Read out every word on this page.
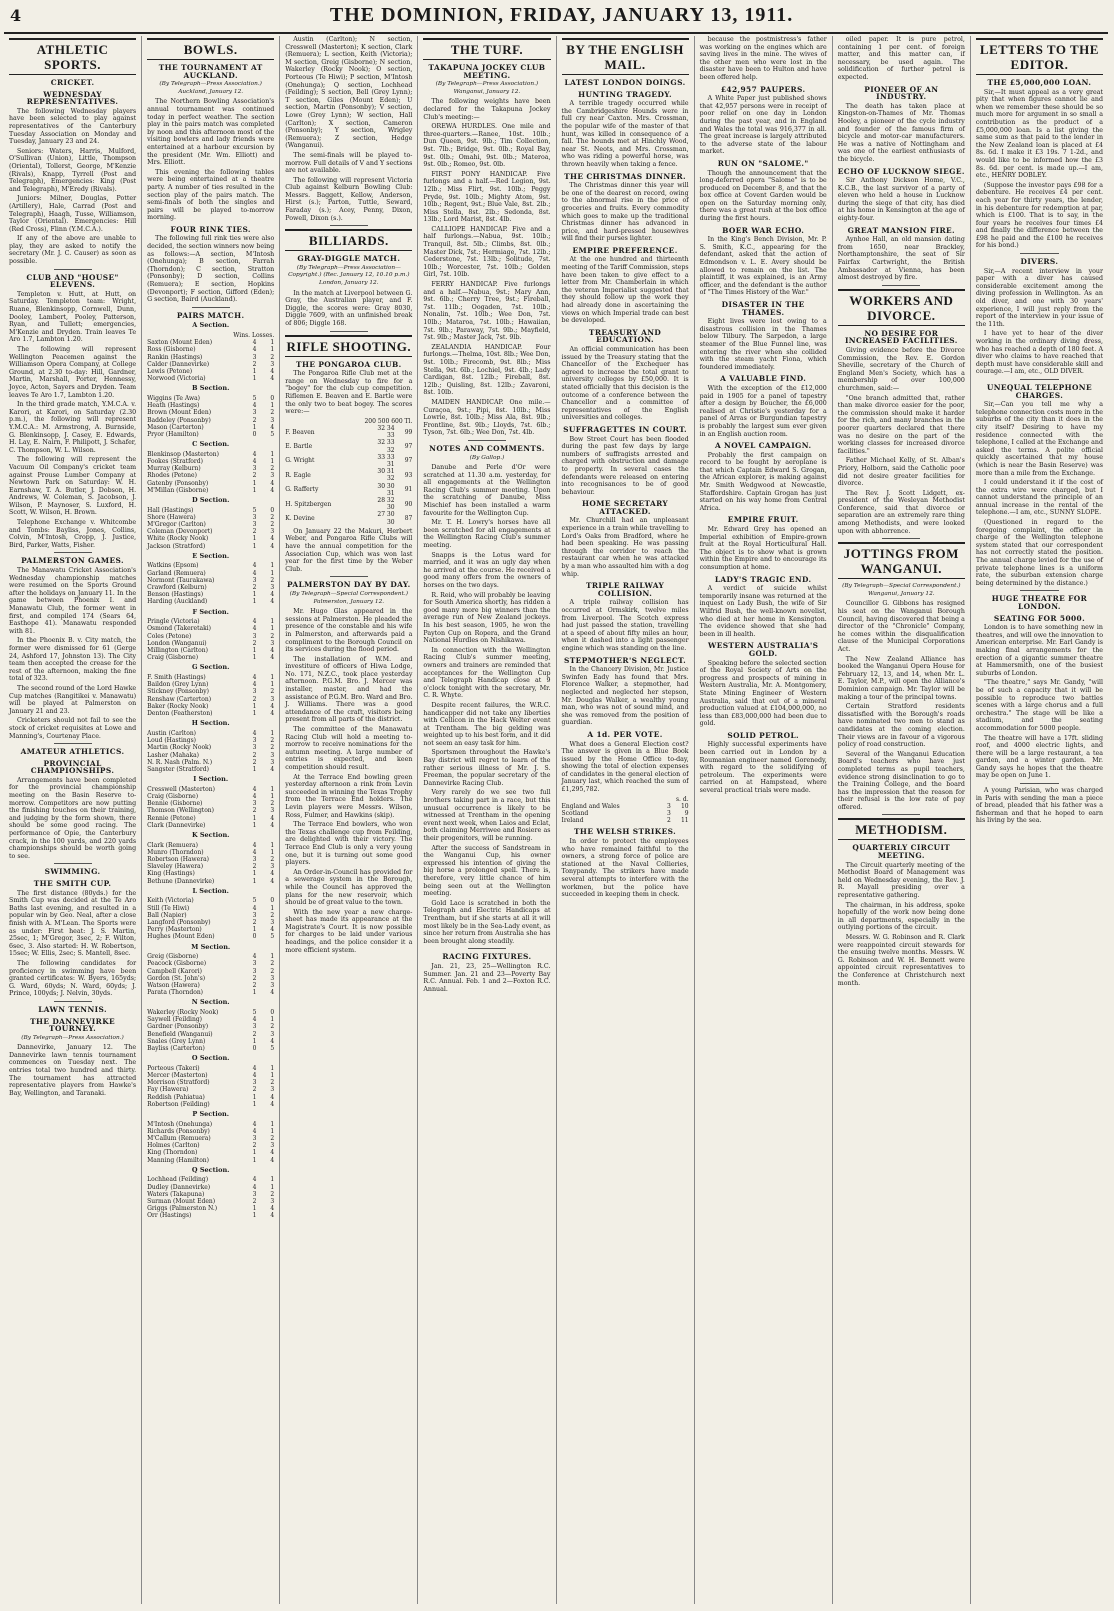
4	THE DOMINION, FRIDAY, JANUARY 13, 1911.
ATHLETIC SPORTS.
CRICKET.
WEDNESDAY REPRESENTATIVES.

The following Wednesday players have been selected to play against representatives of the Canterbury Tuesday Association on Monday and Tuesday, January 23 and 24.

Seniors: Waters, Harris, Mulford, O'Sullivan (Union), Little, Thompson (Oriental), Tollerst, George, M'Kenzie (Rivals), Knapp, Tyrrell (Post and Telegraph), Emergencies: King (Post and Telegraph), M'Eredy (Rivals).

Juniors: Milner, Douglas, Potter (Artillery), Hale, Carrad (Post and Telegraph), Haagh, Tusse, Williamson, Taylor (Oriental). Emergencies: Hill (Red Cross), Flinn (Y.M.C.A.).

If any of the above are unable to play, they are asked to notify the secretary (Mr. J. C. Causer) as soon as possible.

CLUB AND "HOUSE" ELEVENS.

Templeton v. Hutt, at Hutt, on Saturday. Templeton team: Wright, Ruane, Blenkinsopp, Cornwell, Dunn, Dooley, Lambert, Pooley, Patterson, Ryan, and Tullett; emergencies, M'Kenzie and Dryden. Train leaves Te Aro 1.7, Lambton 1.20.

The following will represent Wellington Peacemen against the Williamson Opera Company, at College Ground, at 2.30 to-day: Hill, Gardner, Martin, Marshall, Porter, Hennessy, Joyce, Acton, Sayers and Dryden. Team leaves Te Aro 1.7, Lambton 1.20.

In the third grade match, Y.M.C.A. v. Karori, at Karori, on Saturday (2.30 p.m.), the following will represent Y.M.C.A.: M. Armstrong, A. Burnside, G. Blenkinsopp, J. Casey, E. Edwards, H. Lay, E. Nairn, F. Philipott, J. Schafer, C. Thompson, W. L. Wilson.

The following will represent the Vacuum Oil Company's cricket team against Prouse Lumber Company at Newtown Park on Saturday: W. H. Earnshaw, T. A. Butler, J. Dobson, H. Andrews, W. Coleman, S. Jacobson, J. Wilson, P. Maynoser, S. Luxford, H. Scott, W. Wilson, H. Brown.

Telephone Exchange v. Whitcombe and Tombs: Bayliss, Jones, Collins, Colvin, M'Intosh, Cropp, J. Justice, Bird, Parker, Watts, Fisher.

PALMERSTON GAMES.

The Manawatu Cricket Association's Wednesday championship matches were resumed on the Sports Ground after the holidays on January 11. In the game between Phoenix I. and Manawatu Club, the former went in first, and compiled 174 (Sears 64, Easthope 41). Manawatu responded with 81.

In the Phoenix B. v. City match, the former were dismissed for 61 (Gerge 24, Ashford 17, Johnston 13). The City team then accepted the crease for the rest of the afternoon, making the fine total of 323.

The second round of the Lord Hawke Cup matches (Rangitikei v. Manawatu) will be played at Palmerston on January 21 and 23.

Cricketers should not fail to see the stock of cricket requisites at Lowe and Manning's, Courtenay Place.

AMATEUR ATHLETICS.
PROVINCIAL CHAMPIONSHIPS.

Arrangements have been completed for the provincial championship meeting on the Basin Reserve to-morrow. Competitors are now putting the finishing touches on their training, and judging by the form shown, there should be some good racing. The performance of Opie, the Canterbury crack, in the 100 yards, and 220 yards championships should be worth going to see.

SWIMMING.
THE SMITH CUP.

The first distance (80yds.) for the Smith Cup was decided at the Te Aro Baths last evening, and resulted in a popular win by Geo. Neal, after a close finish with A. M'Lean. The Sports were as under: First heat: J. S. Martin, 25sec, 1; M'Gregor, 3sec, 2; F. Wilton, 6sec, 3. Also started: H. W. Robertson, 15sec; W. Ellis, 2sec; S. Mantell, 8sec.

The following candidates for proficiency in swimming have been granted certificates: W. Byers, 165yds; G. Ward, 60yds; N. Ward, 60yds; J. Prince, 100yds; J. Nelvin, 30yds.

LAWN TENNIS.
THE DANNEVIRKE TOURNEY.
(By Telegraph—Press Association.)

Dannevirke, January 12. The Dannevirke lawn tennis tournament commences on Tuesday next. The entries total two hundred and thirty. The tournament has attracted representative players from Hawke's Bay, Wellington, and Taranaki.

BOWLS.
THE TOURNAMENT AT AUCKLAND.
(By Telegraph—Press Association.) Auckland, January 12.

The Northern Bowling Association's annual tournament was continued today in perfect weather. The section play in the pairs match was completed by noon and this afternoon most of the visiting bowlers and lady friends were entertained at a harbour excursion by the president (Mr. Wm. Elliott) and Mrs. Elliott.

This evening the following tables were being entertained at a theatre party. A number of ties resulted in the section play of the pairs match. The semi-finals of both the singles and pairs will be played to-morrow morning.

FOUR RINK TIES.

The following full rink ties were also decided, the section winners now being as follows:—A section, M'Intosh (Onehunga); B section, Farrah (Thorndon); C section, Stratton (Ponsonby); D section, Collins (Remuera); E section, Hopkins (Devonport); F section, Gifford (Eden); G section, Baird (Auckland).

PAIRS MATCH.
A Section.
Wins. Losses.		
Saxton (Mount Eden)	4	1
Ross (Gisborne)	4	1
Rankin (Hastings)	3	2
Calder (Dannevirke)	2	3
Lewis (Petone)	1	4
Norwood (Victoria)	1	4
B Section.
Wiggins (Te Awa)	5	0
Heath (Hastings)	4	1
Brown (Mount Eden)	3	2
Baddeley (Ponsonby)	2	3
Mason (Carterton)	1	4
Pryor (Hamilton)	0	5
C Section.
Blenkinsop (Masterton)	4	1
Fookes (Stratford)	4	1
Murray (Kelburn)	3	2
Rhodes (Petone)	2	3
Gatenby (Ponsonby)	1	4
M'Millan (Gisborne)	1	4
D Section.
Hall (Hastings)	5	0
Shore (Hawera)	3	2
M'Gregor (Carlton)	3	2
Coleman (Devonport)	2	3
White (Rocky Nook)	1	4
Jackson (Stratford)	1	4
E Section.
Watkins (Epsom)	4	1
Garland (Remuera)	4	1
Normont (Taurakawa)	3	2
Crawford (Kelburn)	2	3
Benson (Hastings)	1	4
Harding (Auckland)	1	4
F Section.
Pringle (Victoria)	4	1
Osmond (Takeretaki)	4	1
Coles (Petone)	3	2
London (Wanganui)	2	3
Millington (Carlton)	1	4
Craig (Gisborne)	1	4
G Section.
F. Smith (Hastings)	4	1
Baildon (Grey Lynn)	4	1
Stickney (Ponsonby)	3	2
Renshaw (Carterton)	2	3
Baker (Rocky Nook)	1	4
Denton (Featherston)	1	4
H Section.
Austin (Carlton)	4	1
Loud (Hastings)	3	2
Martin (Rocky Nook)	3	2
Lasher (Mahaka)	2	3
N. R. Nash (Palm. N.)	2	3
Sangster (Stratford)	1	4
I Section.
Cresswell (Masterton)	4	1
Craig (Gisborne)	4	1
Bennie (Gisborne)	3	2
Thomson (Wellington)	2	3
Rennie (Petone)	1	4
Clark (Dannevirke)	1	4
K Section.
Clark (Remuera)	4	1
Munro (Thorndon)	4	1
Robertson (Hawera)	3	2
Slaveley (Hawera)	2	3
King (Hastings)	1	4
Bethune (Dannevirke)	1	4
L Section.
Keith (Victoria)	5	0
Still (Te Hiwi)	4	1
Ball (Napier)	3	2
Langford (Ponsonby)	2	3
Perry (Masterton)	1	4
Hughes (Mount Eden)	0	5
M Section.
Greig (Gisborne)	4	1
Peacock (Gisborne)	3	2
Campbell (Karori)	3	2
Gordon (St. John's)	2	3
Watson (Hawera)	2	3
Parata (Thorndon)	1	4
N Section.
Wakerley (Rocky Nook)	5	0
Saywell (Feilding)	4	1
Gardner (Ponsonby)	3	2
Benefield (Wanganui)	2	3
Snales (Grey Lynn)	1	4
Bayliss (Carterton)	0	5
O Section.
Porteous (Takeri)	4	1
Mercer (Masterton)	4	1
Morrison (Stratford)	3	2
Fay (Hawera)	2	3
Reddish (Pahiatua)	1	4
Robertson (Feilding)	1	4
P Section.
M'Intosh (Onehunga)	4	1
Richards (Ponsonby)	4	1
M'Callum (Remuera)	3	2
Holmes (Carlton)	2	3
King (Thorndon)	1	4
Manning (Hamilton)	1	4
Q Section.
Lochhead (Feilding)	4	1
Dudley (Dannevirke)	4	1
Waters (Takapuna)	3	2
Surman (Mount Eden)	2	3
Griggs (Palmerston N.)	1	4
Orr (Hastings)	1	4

Austin (Carlton); N section, Cresswell (Masterton); K section, Clark (Remuera); L section, Keith (Victoria); M section, Greig (Gisborne); N section, Wakerley (Rocky Nook); O section, Porteous (Te Hiwi); P section, M'Intosh (Onehunga); Q section, Lochhead (Feilding); S section, Bell (Grey Lynn); T section, Giles (Mount Eden); U section, Martin (Ponsonby); V section, Lowe (Grey Lynn); W section, Hall (Carlton); X section, Cameron (Ponsonby); Y section, Wrigley (Remuera); Z section, Hedge (Wanganui).

The semi-finals will be played to-morrow. Full details of V and Y sections are not available.

The following will represent Victoria Club against Kelburn Bowling Club: Messrs. Baggett, Kellow, Anderson, Hirst (s.); Parton, Tuttle, Seward, Faraday (s.); Acey, Penny, Dixon, Powell, Dixon (s.).

BILLIARDS.
GRAY-DIGGLE MATCH.
(By Telegraph—Press Association—Copyright.) (Rec. January 12, 10.10 p.m.) London, January 12.

In the match at Liverpool between G. Gray, the Australian player, and F. Diggle, the scores were: Gray 8030, Diggle 7609, with an unfinished break of 806; Diggle 168.

RIFLE SHOOTING.
THE PONGAROA CLUB.

The Pongaroa Rifle Club met at the range on Wednesday to fire for a "bogey" for the club cup competition. Riflemen E. Beaven and E. Bartle were the only two to beat bogey. The scores were:—

200 500 600 Tl.		
F. Beaven	32 34 33	99
E. Bartle	32 33 32	97
G. Wright	33 33 31	97
R. Eagle	30 31 32	93
G. Rafferty	30 30 31	91
H. Spitzbergen	28 32 30	90
K. Devine	27 30 30	87

On January 22 the Makuri, Herbert Weber, and Pongaroa Rifle Clubs will have the annual competition for the Association Cup, which was won last year for the first time by the Weber Club.

PALMERSTON DAY BY DAY.
(By Telegraph—Special Correspondent.) Palmerston, January 12.

Mr. Hugo Glas appeared in the sessions at Palmerston. He pleaded the presence of the constable and his wife in Palmerston, and afterwards paid a compliment to the Borough Council on its services during the flood period.

The installation of W.M. and investiture of officers of Hiwa Lodge, No. 171, N.Z.C., took place yesterday afternoon. P.G.M. Bro. J. Mercer was installer, master, and had the assistance of P.G.M. Bro. Ward and Bro. J. Williams. There was a good attendance of the craft, visitors being present from all parts of the district.

The committee of the Manawatu Racing Club will hold a meeting to-morrow to receive nominations for the autumn meeting. A large number of entries is expected, and keen competition should result.

At the Terrace End bowling green yesterday afternoon a rink from Levin succeeded in winning the Texas Trophy from the Terrace End holders. The Levin players were Messrs. Wilson, Ross, Fulmer, and Hawkins (skip).

The Terrace End bowlers, who won the Texas challenge cup from Feilding, are delighted with their victory. The Terrace End Club is only a very young one, but it is turning out some good players.

An Order-in-Council has provided for a sewerage system in the Borough, while the Council has approved the plans for the new reservoir, which should be of great value to the town.

With the new year a new charge-sheet has made its appearance at the Magistrate's Court. It is now possible for charges to be laid under various headings, and the police consider it a more efficient system.

THE TURF.
TAKAPUNA JOCKEY CLUB MEETING.
(By Telegraph—Press Association.) Wanganui, January 12.

The following weights have been declared for the Takapuna Jockey Club's meeting:—

OREWA HURDLES. One mile and three-quarters.—Ranee, 10st. 10lb.; Dun Queen, 9st. 9lb.; Tim Collection, 9st. 7lb.; Bridge, 9st. 0lb.; Royal Bay, 9st. 0lb.; Omahi, 9st. 0lb.; Materoa, 9st. 0lb.; Romeo, 9st. 0lb.

FIRST PONY HANDICAP. Five furlongs and a half.—Red Legion, 9st. 12lb.; Miss Flirt, 9st. 10lb.; Peggy Pryde, 9st. 10lb.; Mighty Atom, 9st. 10lb.; Regent, 9st.; Blue Vale, 8st. 2lb.; Miss Stella, 8st. 2lb.; Sedonda, 8st. 13lb.; Lord Marist, 8st. 4lb.

CALLIOPE HANDICAP. Five and a half furlongs.—Nabua, 9st. 10lb.; Tranquil, 8st. 5lb.; Climbs, 8st. 0lb.; Master Dick, 7st.; Hermiage, 7st. 12lb.; Cederstone, 7st. 13lb.; Solitude, 7st. 10lb.; Worcester, 7st. 10lb.; Golden Girl, 7st. 10lb.

FERRY HANDICAP. Five furlongs and a half.—Nabua, 9st.; Mary Ann, 9st. 6lb.; Cherry Tree, 9st.; Fireball, 7st. 11lb.; Oogaden, 7st. 10lb.; Nonalin, 7st. 10lb.; Wee Don, 7st. 10lb.; Mataroa, 7st. 10lb.; Hawaiian, 7st. 9lb.; Paraway, 7st. 9lb.; Mayfield, 7st. 9lb.; Master Jack, 7st. 9lb.

ZEALANDIA HANDICAP. Four furlongs.—Thelma, 10st. 8lb.; Wee Don, 9st. 10lb.; Firecomb, 9st. 8lb.; Miss Stella, 9st. 6lb.; Lochiel, 9st. 4lb.; Lady Cardigan, 8st. 12lb.; Fireball, 8st. 12lb.; Quisling, 8st. 12lb.; Zavaroni, 8st. 10lb.

MAIDEN HANDICAP. One mile.—Curaçoa, 9st.; Pipi, 8st. 10lb.; Miss Lowrie, 8st. 10lb.; Miss Ala, 8st. 9lb.; Frontline, 8st. 9lb.; Lloyds, 7st. 6lb.; Tyson, 7st. 6lb.; Wee Don, 7st. 4lb.

NOTES AND COMMENTS.
(By Gallop.)

Danube and Perle d'Or were scratched at 11.30 a.m. yesterday, for all engagements at the Wellington Racing Club's summer meeting. Upon the scratching of Danube, Miss Mischief has been installed a warm favourite for the Wellington Cup.

Mr. T. H. Lowry's horses have all been scratched for all engagements at the Wellington Racing Club's summer meeting.

Snapps is the Lotus ward for married, and it was an ugly day when he arrived at the course. He received a good many offers from the owners of horses on the two days.

R. Reid, who will probably be leaving for South America shortly, has ridden a good many more big winners than the average run of New Zealand jockeys. In his best season, 1905, he won the Payton Cup on Ropera, and the Grand National Hurdles on Nishikawa.

In connection with the Wellington Racing Club's summer meeting, owners and trainers are reminded that acceptances for the Wellington Cup and Telegraph Handicap close at 9 o'clock tonight with the secretary, Mr. C. R. Whyte.

Despite recent failures, the W.R.C. handicapper did not take any liberties with Cellicon in the Hack Welter event at Trentham. The big gelding was weighted up to his best form, and it did not seem an easy task for him.

Sportsmen throughout the Hawke's Bay district will regret to learn of the rather serious illness of Mr. J. S. Freeman, the popular secretary of the Dannevirke Racing Club.

Very rarely do we see two full brothers taking part in a race, but this unusual occurrence is likely to be witnessed at Trentham in the opening event next week, when Laios and Eclat, both claiming Merriwee and Rosiere as their progenitors, will be running.

After the success of Sandstream in the Wanganui Cup, his owner expressed his intention of giving the big horse a prolonged spell. There is, therefore, very little chance of him being seen out at the Wellington meeting.

Gold Lace is scratched in both the Telegraph and Electric Handicaps at Trentham, but if she starts at all it will most likely be in the Sea-Lady event, as since her return from Australia she has been brought along steadily.

RACING FIXTURES.

Jan. 21, 23, 25—Wellington R.C. Summer. Jan. 21 and 23—Poverty Bay R.C. Annual. Feb. 1 and 2—Foxton R.C. Annual.

BY THE ENGLISH MAIL.
LATEST LONDON DOINGS.
HUNTING TRAGEDY.

A terrible tragedy occurred while the Cambridgeshire Hounds were in full cry near Caxton. Mrs. Crossman, the popular wife of the master of that hunt, was killed in consequence of a fall. The hounds met at Hinchly Wood, near St. Neots, and Mrs. Crossman, who was riding a powerful horse, was thrown heavily when taking a fence.

THE CHRISTMAS DINNER.

The Christmas dinner this year will be one of the dearest on record, owing to the abnormal rise in the price of groceries and fruits. Every commodity which goes to make up the traditional Christmas dinner has advanced in price, and hard-pressed housewives will find their purses lighter.

EMPIRE PREFERENCE.

At the one hundred and thirteenth meeting of the Tariff Commission, steps have been taken to give effect to a letter from Mr. Chamberlain in which the veteran Imperialist suggested that they should follow up the work they had already done in ascertaining the views on which Imperial trade can best be developed.

TREASURY AND EDUCATION.

An official communication has been issued by the Treasury stating that the Chancellor of the Exchequer has agreed to increase the total grant to university colleges by £50,000. It is stated officially that this decision is the outcome of a conference between the Chancellor and a committee of representatives of the English universities and colleges.

SUFFRAGETTES IN COURT.

Bow Street Court has been flooded during the past few days by large numbers of suffragists arrested and charged with obstruction and damage to property. In several cases the defendants were released on entering into recognisances to be of good behaviour.

HOME SECRETARY ATTACKED.

Mr. Churchill had an unpleasant experience in a train while travelling to Lord's Oaks from Bradford, where he had been speaking. He was passing through the corridor to reach the restaurant car when he was attacked by a man who assaulted him with a dog whip.

TRIPLE RAILWAY COLLISION.

A triple railway collision has occurred at Ormskirk, twelve miles from Liverpool. The Scotch express had just passed the station, travelling at a speed of about fifty miles an hour, when it dashed into a light passenger engine which was standing on the line.

STEPMOTHER'S NEGLECT.

In the Chancery Division, Mr. Justice Swinfen Eady has found that Mrs. Florence Walker, a stepmother, had neglected and neglected her stepson, Mr. Douglas Walker, a wealthy young man, who was not of sound mind, and she was removed from the position of guardian.

A 1d. PER VOTE.

What does a General Election cost? The answer is given in a Blue Book issued by the Home Office to-day, showing the total of election expenses of candidates in the general election of January last, which reached the sum of £1,295,782.

s. d.		
England and Wales	3	10
Scotland	3	9
Ireland	2	11
THE WELSH STRIKES.

In order to protect the employees who have remained faithful to the owners, a strong force of police are stationed at the Naval Collieries, Tonypandy. The strikers have made several attempts to interfere with the workmen, but the police have succeeded in keeping them in check.

because the postmistress's father was working on the engines which are saving lives in the mine. The wives of the other men who were lost in the disaster have been to Hulton and have been offered help.

£42,957 PAUPERS.

A White Paper just published shows that 42,957 persons were in receipt of poor relief on one day in London during the past year, and in England and Wales the total was 916,377 in all. The great increase is largely attributed to the adverse state of the labour market.

RUN ON "SALOME."

Though the announcement that the long-deferred opera "Salome" is to be produced on December 8, and that the box office at Covent Garden would be open on the Saturday morning only, there was a great rush at the box office during the first hours.

BOER WAR ECHO.

In the King's Bench Division, Mr. P. S. Smith, K.C., appearing for the defendant, asked that the action of Edmondson v. L. E. Avery should be allowed to remain on the list. The plaintiff, it was explained, is an Army officer, and the defendant is the author of "The Times History of the War."

DISASTER IN THE THAMES.

Eight lives were lost owing to a disastrous collision in the Thames below Tilbury. The Sarpedon, a large steamer of the Blue Funnel line, was entering the river when she collided with the steam yacht Fiona, which foundered immediately.

A VALUABLE FIND.

With the exception of the £12,000 paid in 1905 for a panel of tapestry after a design by Boucher, the £6,000 realised at Christie's yesterday for a panel of Arras or Burgundian tapestry is probably the largest sum ever given in an English auction room.

A NOVEL CAMPAIGN.

Probably the first campaign on record to be fought by aeroplane is that which Captain Edward S. Grogan, the African explorer, is making against Mr. Smith Wedgwood at Newcastle, Staffordshire. Captain Grogan has just started on his way home from Central Africa.

EMPIRE FRUIT.

Mr. Edward Grey has opened an Imperial exhibition of Empire-grown fruit at the Royal Horticultural Hall. The object is to show what is grown within the Empire and to encourage its consumption at home.

LADY'S TRAGIC END.

A verdict of suicide whilst temporarily insane was returned at the inquest on Lady Bush, the wife of Sir Wilfrid Bush, the well-known novelist, who died at her home in Kensington. The evidence showed that she had been in ill health.

WESTERN AUSTRALIA'S GOLD.

Speaking before the selected section of the Royal Society of Arts on the progress and prospects of mining in Western Australia, Mr. A. Montgomery, State Mining Engineer of Western Australia, said that out of a mineral production valued at £104,000,000, no less than £83,000,000 had been due to gold.

SOLID PETROL.

Highly successful experiments have been carried out in London by a Roumanian engineer named Gorenedy, with regard to the solidifying of petroleum. The experiments were carried on at Hampstead, where several practical trials were made.

oiled paper. It is pure petrol, containing 1 per cent. of foreign matter, and this matter can, if necessary, be used again. The solidification of further petrol is expected.

PIONEER OF AN INDUSTRY.

The death has taken place at Kingston-on-Thames of Mr. Thomas Hooley, a pioneer of the cycle industry and founder of the famous firm of bicycle and motor-car manufacturers. He was a native of Nottingham and was one of the earliest enthusiasts of the bicycle.

ECHO OF LUCKNOW SIEGE.

Sir Anthony Dickson Home, V.C., K.C.B., the last survivor of a party of eleven who held a house in Lucknow during the siege of that city, has died at his home in Kensington at the age of eighty-four.

GREAT MANSION FIRE.

Aynhoe Hall, an old mansion dating from 1650, near Brackley, Northamptonshire, the seat of Sir Fairfax Cartwright, the British Ambassador at Vienna, has been almost destroyed by fire.

WORKERS AND DIVORCE.
NO DESIRE FOR INCREASED FACILITIES.

Giving evidence before the Divorce Commission, the Rev. E. Gordon Sheville, secretary of the Church of England Men's Society, which has a membership of over 100,000 churchmen, said:—

"One branch admitted that, rather than make divorce easier for the poor, the commission should make it harder for the rich, and many branches in the poorer quarters declared that there was no desire on the part of the working classes for increased divorce facilities."

Father Michael Kelly, of St. Alban's Priory, Holborn, said the Catholic poor did not desire greater facilities for divorce.

The Rev. J. Scott Lidgett, ex-president of the Wesleyan Methodist Conference, said that divorce or separation are an extremely rare thing among Methodists, and were looked upon with abhorrence.

JOTTINGS FROM WANGANUI.
(By Telegraph—Special Correspondent.) Wanganui, January 12.

Councillor G. Gibbons has resigned his seat on the Wanganui Borough Council, having discovered that being a director of the "Chronicle" Company, he comes within the disqualification clause of the Municipal Corporations Act.

The New Zealand Alliance has booked the Wanganui Opera House for February 12, 13, and 14, when Mr. L. E. Taylor, M.P., will open the Alliance's Dominion campaign. Mr. Taylor will be making a tour of the principal towns.

Certain Stratford residents dissatisfied with the Borough's roads have nominated two men to stand as candidates at the coming election. Their views are in favour of a vigorous policy of road construction.

Several of the Wanganui Education Board's teachers who have just completed terms as pupil teachers, evidence strong disinclination to go to the Training College, and the board has the impression that the reason for their refusal is the low rate of pay offered.

METHODISM.
QUARTERLY CIRCUIT MEETING.

The Circuit quarterly meeting of the Methodist Board of Management was held on Wednesday evening, the Rev. J. R. Mayall presiding over a representative gathering.

The chairman, in his address, spoke hopefully of the work now being done in all departments, especially in the outlying portions of the circuit.

Messrs. W. G. Robinson and R. Clark were reappointed circuit stewards for the ensuing twelve months. Messrs. W. G. Robinson and W. H. Bennett were appointed circuit representatives to the Conference at Christchurch next month.

LETTERS TO THE EDITOR.
THE £5,000,000 LOAN.

Sir,—It must appeal as a very great pity that when figures cannot lie and when we remember these should be so much more for argument in so small a contribution as the product of a £5,000,000 loan. Is a list giving the same sum as that paid to the lender in the New Zealand loan is placed at £4 8s. 6d. I make it £3 19s. 7 1-2d., and would like to be informed how the £3 8s. 6d. per cent. is made up.—I am, etc., HENRY DOBLEY.

(Suppose the investor pays £98 for a debenture. He receives £4 per cent. each year for thirty years, the lender, in his debenture for redemption at par, which is £100. That is to say, in the four years he receives four times £4 and finally the difference between the £98 he paid and the £100 he receives for his bond.)

DIVERS.

Sir,—A recent interview in your paper with a diver has caused considerable excitement among the diving profession in Wellington. As an old diver, and one with 30 years' experience, I will just reply from the report of the interview in your issue of the 11th.

I have yet to hear of the diver working in the ordinary diving dress, who has reached a depth of 180 feet. A diver who claims to have reached that depth must have considerable skill and courage.—I am, etc., OLD DIVER.

UNEQUAL TELEPHONE CHARGES.

Sir,—Can you tell me why a telephone connection costs more in the suburbs of the city than it does in the city itself? Desiring to have my residence connected with the telephone, I called at the Exchange and asked the terms. A polite official quickly ascertained that my house (which is near the Basin Reserve) was more than a mile from the Exchange.

I could understand it if the cost of the extra wire were charged, but I cannot understand the principle of an annual increase in the rental of the telephone.—I am, etc., SUNNY SLOPE.

(Questioned in regard to the foregoing complaint, the officer in charge of the Wellington telephone system stated that our correspondent has not correctly stated the position. The annual charge levied for the use of private telephone lines is a uniform rate, the suburban extension charge being determined by the distance.)

HUGE THEATRE FOR LONDON.
SEATING FOR 5000.

London is to have something new in theatres, and will owe the innovation to American enterprise. Mr. Earl Gandy is making final arrangements for the erection of a gigantic summer theatre at Hammersmith, one of the busiest suburbs of London.

"The theatre," says Mr. Gandy, "will be of such a capacity that it will be possible to reproduce two battles scenes with a large chorus and a full orchestra." The stage will be like a stadium, and the seating accommodation for 5000 people.

The theatre will have a 17ft. sliding roof, and 4000 electric lights, and there will be a large restaurant, a tea garden, and a winter garden. Mr. Gandy says he hopes that the theatre may be open on June 1.

A young Parisian, who was charged in Paris with sending the man a piece of bread, pleaded that his father was a fisherman and that he hoped to earn his living by the sea.
